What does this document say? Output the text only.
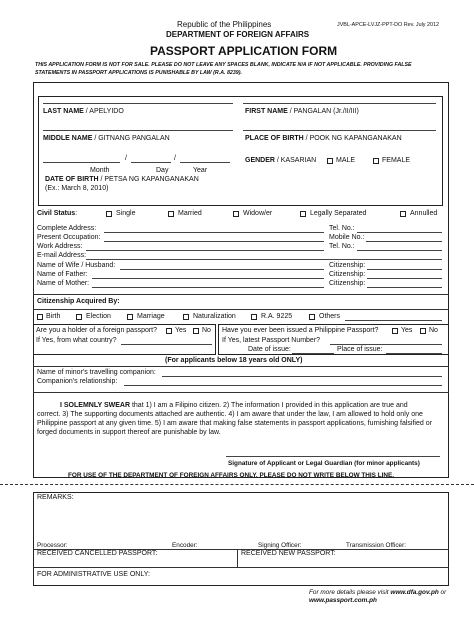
Republic of the Philippines	JVBL-APCE-LVJZ-PPT-DO Rev. July 2012
DEPARTMENT OF FOREIGN AFFAIRS
PASSPORT APPLICATION FORM
THIS APPLICATION FORM IS NOT FOR SALE. PLEASE DO NOT LEAVE ANY SPACES BLANK, INDICATE N/A IF NOT APPLICABLE. PROVIDING FALSE
STATEMENTS IN PASSPORT APPLICATIONS IS PUNISHABLE BY LAW (R.A. 8239).
LAST NAME / APELYIDO	FIRST NAME / PANGALAN (Jr./II/III)
MIDDLE NAME / GITNANG PANGALAN	PLACE OF BIRTH / POOK NG KAPANGANAKAN
/	/
Month	Day	Year
DATE OF BIRTH / PETSA NG KAPANGANAKAN
(Ex.: March 8, 2010)
GENDER / KASARIAN	MALE	FEMALE
Civil Status:	Single	Married	Widow/er	Legally Separated	Annulled
Complete Address:	Tel. No.:
Present Occupation:	Mobile No.:
Work Address:	Tel. No.:
E-mail Address:
Name of Wife / Husband:	Citizenship:
Name of Father:	Citizenship:
Name of Mother:	Citizenship:
Citizenship Acquired By:
Birth	Election	Marriage	Naturalization	R.A. 9225	Others
Are you a holder of a foreign passport?	Yes No
If Yes, from what country?
Have you ever been issued a Philippine Passport?	Yes No
If Yes, latest Passport Number?
Date of issue:	Place of issue:
(For applicants below 18 years old ONLY)
Name of minor's travelling companion:
Companion's relationship:
I SOLEMNLY SWEAR that 1) I am a Filipino citizen. 2) The information I provided in this application are true and
correct. 3) The supporting documents attached are authentic. 4) I am aware that under the law, I am allowed to hold only one
Philippine passport at any given time. 5) I am aware that making false statements in passport applications, furnishing falsified or
forged documents in support thereof are punishable by law.
Signature of Applicant or Legal Guardian (for minor applicants)
FOR USE OF THE DEPARTMENT OF FOREIGN AFFAIRS ONLY. PLEASE DO NOT WRITE BELOW THIS LINE.
REMARKS:
Processor:	Encoder:	Signing Officer:	Transmission Officer:
RECEIVED CANCELLED PASSPORT:	RECEIVED NEW PASSPORT:
FOR ADMINISTRATIVE USE ONLY:
For more details please visit www.dfa.gov.ph or
www.passport.com.ph
